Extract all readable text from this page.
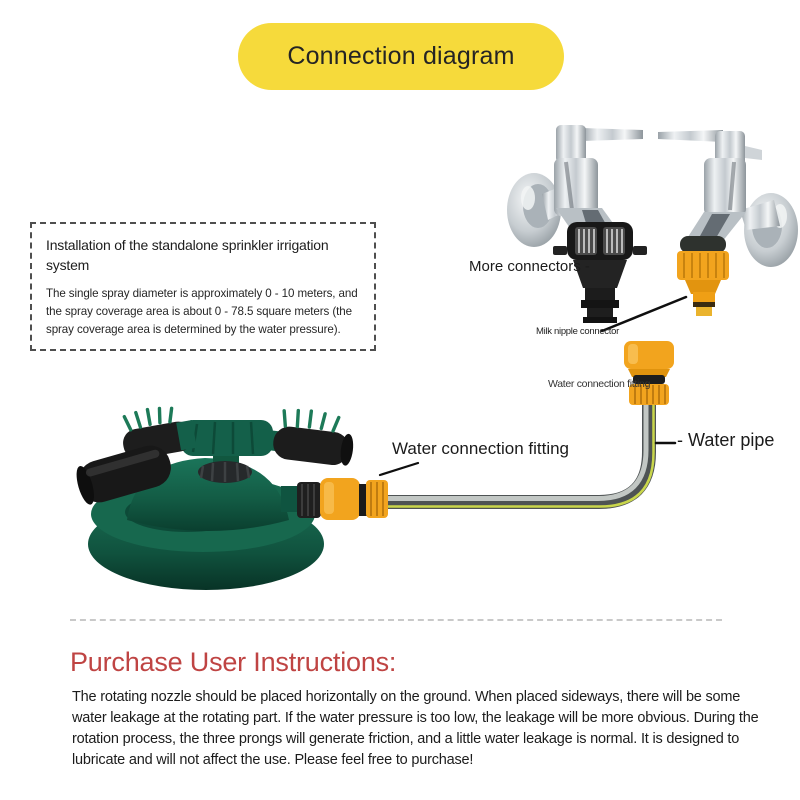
Connection diagram

Installation of the standalone sprinkler irrigation system

The single spray diameter is approximately 0 - 10 meters, and the spray coverage area is about 0 - 78.5 square meters (the spray coverage area is determined by the water pressure).

More connectors -
Milk nipple connector
Water connection fitting
Water connection fitting	- Water pipe
Purchase User Instructions:
The rotating nozzle should be placed horizontally on the ground. When placed sideways, there will be some water leakage at the rotating part. If the water pressure is too low, the leakage will be more obvious. During the rotation process, the three prongs will generate friction, and a little water leakage is normal. It is designed to lubricate and will not affect the use. Please feel free to purchase!
